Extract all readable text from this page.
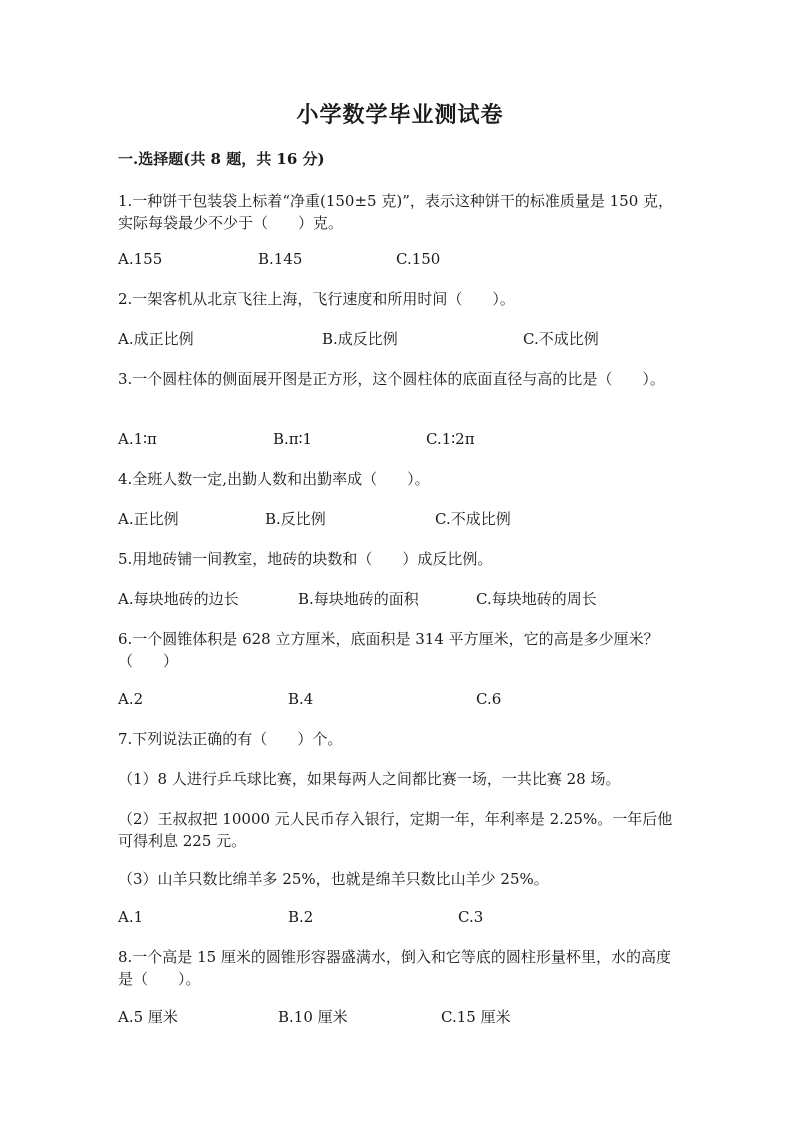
小学数学毕业测试卷
一.选择题(共 8 题，共 16 分)
1.一种饼干包装袋上标着“净重(150±5 克)”，表示这种饼干的标准质量是 150 克，实际每袋最少不少于（　　）克。
A.155	B.145	C.150
2.一架客机从北京飞往上海，飞行速度和所用时间（　　）。
A.成正比例	B.成反比例	C.不成比例
3.一个圆柱体的侧面展开图是正方形，这个圆柱体的底面直径与高的比是（　　）。
A.1∶π	B.π∶1	C.1∶2π
4.全班人数一定,出勤人数和出勤率成（　　）。
A.正比例	B.反比例	C.不成比例
5.用地砖铺一间教室，地砖的块数和（　　）成反比例。
A.每块地砖的边长	B.每块地砖的面积	C.每块地砖的周长
6.一个圆锥体积是 628 立方厘米，底面积是 314 平方厘米，它的高是多少厘米？（　　）
A.2	B.4	C.6
7.下列说法正确的有（　　）个。
（1）8 人进行乒乓球比赛，如果每两人之间都比赛一场，一共比赛 28 场。
（2）王叔叔把 10000 元人民币存入银行，定期一年，年利率是 2.25%。一年后他可得利息 225 元。
（3）山羊只数比绵羊多 25%，也就是绵羊只数比山羊少 25%。
A.1	B.2	C.3
8.一个高是 15 厘米的圆锥形容器盛满水，倒入和它等底的圆柱形量杯里，水的高度是（　　）。
A.5 厘米	B.10 厘米	C.15 厘米
